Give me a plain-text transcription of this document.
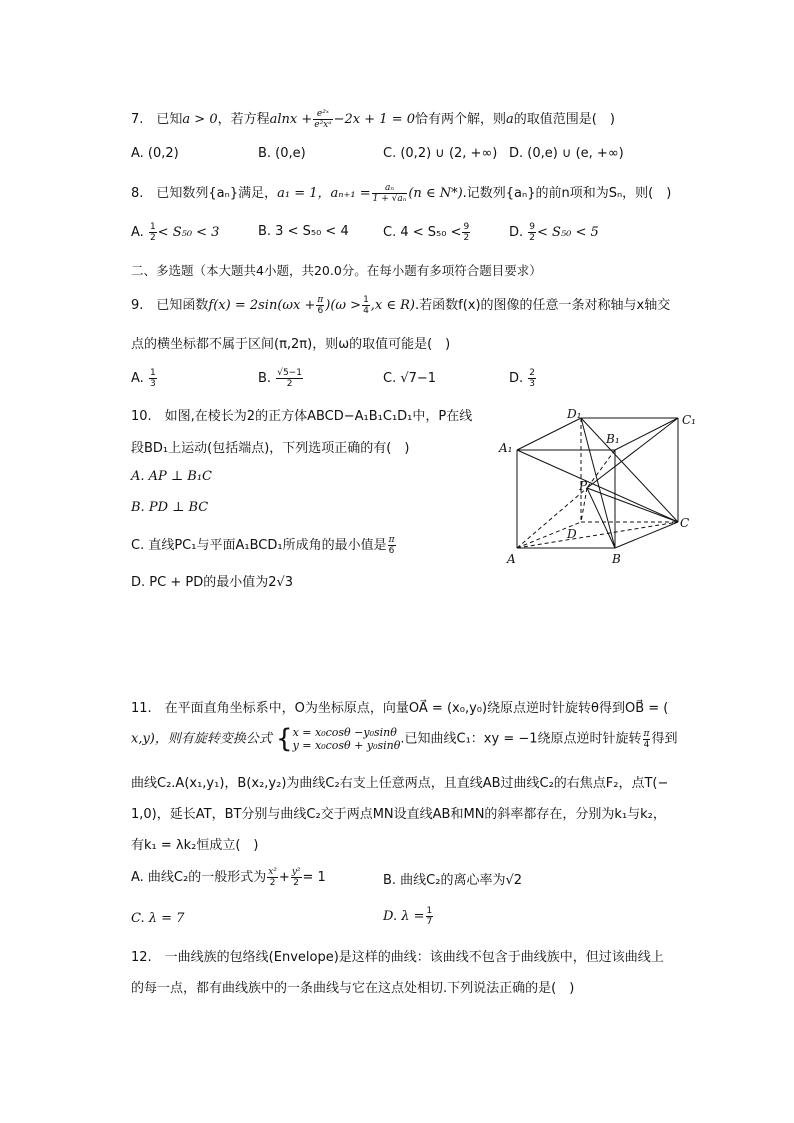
7.　已知a > 0，若方程$alnx + \frac{\text{e²ˣ}}{\text{e²xᵃ}} -2x + 1 = 0$恰有两个解，则a的取值范围是(　)
A. (0,2)	B. (0,e)	C. (0,2) ∪ (2, +∞) D. (0,e) ∪ (e, +∞)
8.　已知数列{aₙ}满足，a₁ = 1，$a_{n+1} = \frac{\text{aₙ}}{\text{1 + √aₙ}} (n$ ∈ N*).记数列{aₙ}的前n项和为Sₙ，则(　)
A. $\frac{1}{2} < S_{50} < 3$	B. 3 < S₅₀ < 4	C. $4 < S_{50} < \frac{9}{2}$	D. $\frac{9}{2} < S_{50} < 5$
二、多选题（本大题共4小题，共20.0分。在每小题有多项符合题目要求）
9.　已知函数$f(x) = 2\sin(\omega x + \frac{\pi}{6} )(\omega > \frac{1}{4} ,x$ ∈ R).若函数f(x)的图像的任意一条对称轴与x轴交
点的横坐标都不属于区间(π,2π)，则ω的取值可能是(　)
A. $\frac{1}{3}$	B. $\frac{√5-1}{2}$	C. √7−1	D. $\frac{2}{3}$
10.　如图,在棱长为2的正方体ABCD−A₁B₁C₁D₁中，P在线
段BD₁上运动(包括端点)，下列选项正确的有(　)
A. AP ⊥ B₁C
B. PD ⊥ BC
C. 直线PC₁与平面A₁BCD₁所成角的最小值是 $\frac{\pi}{6}$
D. PC + PD的最小值为2√3
D₁	C₁
B₁
A₁
P
D
C
A	B
11.　在平面直角坐标系中，O为坐标原点，向量OA⃗ = (x₀,y₀)绕原点逆时针旋转θ得到OB⃗ = (
x,y)，则有旋转变换公式 { x = x₀cosθ −y₀sinθ
y = x₀cosθ + y₀sinθ .已知曲线C₁：xy = −1绕原点逆时针旋转 $\frac{\pi}{4}$ 得到
曲线C₂.A(x₁,y₁)，B(x₂,y₂)为曲线C₂右支上任意两点，且直线AB过曲线C₂的右焦点F₂，点T(−
1,0)，延长AT，BT分别与曲线C₂交于两点MN设直线AB和MN的斜率都存在，分别为k₁与k₂，
有k₁ = λk₂恒成立(　)
A. 曲线C₂的一般形式为 $\frac{\text{x²}}{2} + \frac{\text{y²}}{2} = 1$	B. 曲线C₂的离心率为√2
C. λ = 7	D. $\lambda = \frac{1}{7}$
12.　一曲线族的包络线(Envelope)是这样的曲线：该曲线不包含于曲线族中，但过该曲线上
的每一点，都有曲线族中的一条曲线与它在这点处相切.下列说法正确的是(　)
